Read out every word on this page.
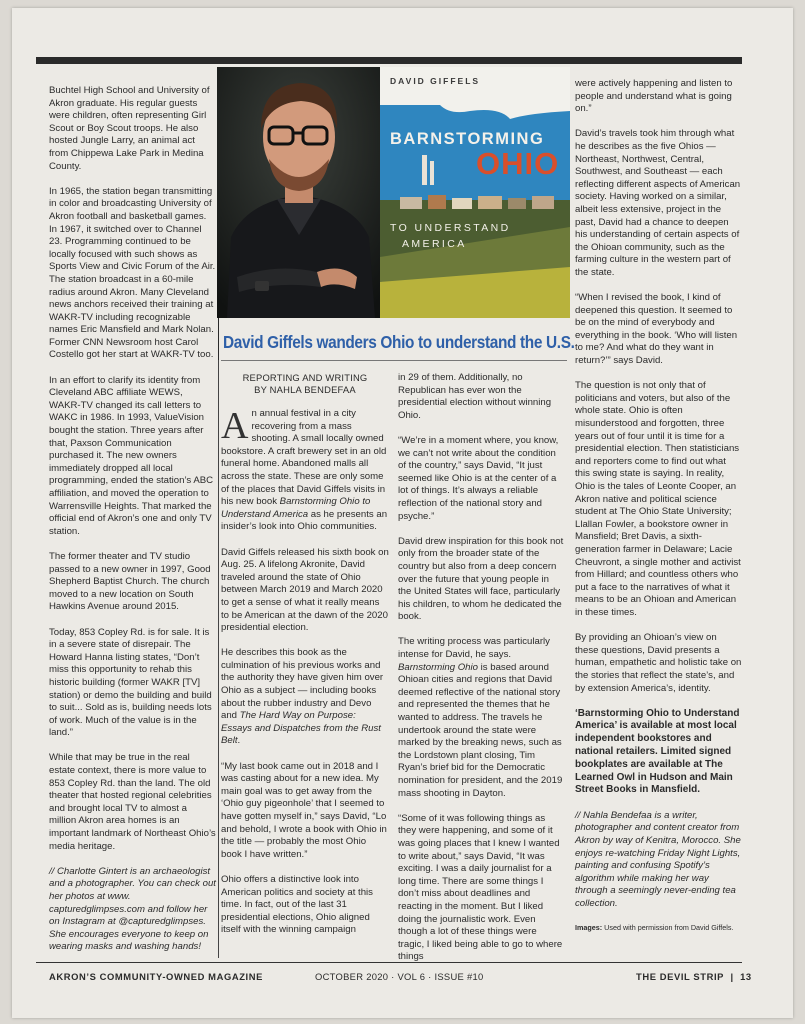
Buchtel High School and University of Akron graduate. His regular guests were children, often representing Girl Scout or Boy Scout troops. He also hosted Jungle Larry, an animal act from Chippewa Lake Park in Medina County.

In 1965, the station began transmitting in color and broadcasting University of Akron football and basketball games. In 1967, it switched over to Channel 23. Programming continued to be locally focused with such shows as Sports View and Civic Forum of the Air. The station broadcast in a 60-mile radius around Akron. Many Cleveland news anchors received their training at WAKR-TV including recognizable names Eric Mansfield and Mark Nolan. Former CNN Newsroom host Carol Costello got her start at WAKR-TV too.

In an effort to clarify its identity from Cleveland ABC affiliate WEWS, WAKR-TV changed its call letters to WAKC in 1986. In 1993, ValueVision bought the station. Three years after that, Paxson Communication purchased it. The new owners immediately dropped all local programming, ended the station’s ABC affiliation, and moved the operation to Warrensville Heights. That marked the official end of Akron’s one and only TV station.

The former theater and TV studio passed to a new owner in 1997, Good Shepherd Baptist Church. The church moved to a new location on South Hawkins Avenue around 2015.

Today, 853 Copley Rd. is for sale. It is in a severe state of disrepair. The Howard Hanna listing states, “Don’t miss this opportunity to rehab this historic building (former WAKR [TV] station) or demo the building and build to suit... Sold as is, building needs lots of work. Much of the value is in the land.”

While that may be true in the real estate context, there is more value to 853 Copley Rd. than the land. The old theater that hosted regional celebrities and brought local TV to almost a million Akron area homes is an important landmark of Northeast Ohio’s media heritage.

// Charlotte Gintert is an archaeologist and a photographer. You can check out her photos at www. capturedglimpses.com and follow her on Instagram at @capturedglimpses. She encourages everyone to keep on wearing masks and washing hands!

DAVID GIFFELS
BARNSTORMING
OHIO
TO UNDERSTAND
AMERICA
David Giffels wanders Ohio to understand the U.S.
REPORTING AND WRITING
BY NAHLA BENDEFAA

An annual festival in a city recovering from a mass shooting. A small locally owned bookstore. A craft brewery set in an old funeral home. Abandoned malls all across the state. These are only some of the places that David Giffels visits in his new book Barnstorming Ohio to Understand America as he presents an insider’s look into Ohio communities.

David Giffels released his sixth book on Aug. 25. A lifelong Akronite, David traveled around the state of Ohio between March 2019 and March 2020 to get a sense of what it really means to be American at the dawn of the 2020 presidential election.

He describes this book as the culmination of his previous works and the authority they have given him over Ohio as a subject — including books about the rubber industry and Devo and The Hard Way on Purpose: Essays and Dispatches from the Rust Belt.

“My last book came out in 2018 and I was casting about for a new idea. My main goal was to get away from the ‘Ohio guy pigeonhole’ that I seemed to have gotten myself in,” says David, “Lo and behold, I wrote a book with Ohio in the title — probably the most Ohio book I have written.”

Ohio offers a distinctive look into American politics and society at this time. In fact, out of the last 31 presidential elections, Ohio aligned itself with the winning campaign

in 29 of them. Additionally, no Republican has ever won the presidential election without winning Ohio.

“We’re in a moment where, you know, we can’t not write about the condition of the country,” says David, “It just seemed like Ohio is at the center of a lot of things. It’s always a reliable reflection of the national story and psyche.”

David drew inspiration for this book not only from the broader state of the country but also from a deep concern over the future that young people in the United States will face, particularly his children, to whom he dedicated the book.

The writing process was particularly intense for David, he says. Barnstorming Ohio is based around Ohioan cities and regions that David deemed reflective of the national story and represented the themes that he wanted to address. The travels he undertook around the state were marked by the breaking news, such as the Lordstown plant closing, Tim Ryan’s brief bid for the Democratic nomination for president, and the 2019 mass shooting in Dayton.

“Some of it was following things as they were happening, and some of it was going places that I knew I wanted to write about,” says David, “It was exciting. I was a daily journalist for a long time. There are some things I don’t miss about deadlines and reacting in the moment. But I liked doing the journalistic work. Even though a lot of these things were tragic, I liked being able to go to where things

were actively happening and listen to people and understand what is going on.”

David’s travels took him through what he describes as the five Ohios —Northeast, Northwest, Central, Southwest, and Southeast — each reflecting different aspects of American society. Having worked on a similar, albeit less extensive, project in the past, David had a chance to deepen his understanding of certain aspects of the Ohioan community, such as the farming culture in the western part of the state.

“When I revised the book, I kind of deepened this question. It seemed to be on the mind of everybody and everything in the book. ‘Who will listen to me? And what do they want in return?’” says David.

The question is not only that of politicians and voters, but also of the whole state. Ohio is often misunderstood and forgotten, three years out of four until it is time for a presidential election. Then statisticians and reporters come to find out what this swing state is saying. In reality, Ohio is the tales of Leonte Cooper, an Akron native and political science student at The Ohio State University; Llallan Fowler, a bookstore owner in Mansfield; Bret Davis, a sixth-generation farmer in Delaware; Lacie Cheuvront, a single mother and activist from Hillard; and countless others who put a face to the narratives of what it means to be an Ohioan and American in these times.

By providing an Ohioan’s view on these questions, David presents a human, empathetic and holistic take on the stories that reflect the state’s, and by extension America’s, identity.

‘Barnstorming Ohio to Understand America’ is available at most local independent bookstores and national retailers. Limited signed bookplates are available at The Learned Owl in Hudson and Main Street Books in Mansfield.

// Nahla Bendefaa is a writer, photographer and content creator from Akron by way of Kenitra, Morocco. She enjoys re-watching Friday Night Lights, painting and confusing Spotify’s algorithm while making her way through a seemingly never-ending tea collection.

Images: Used with permission from David Giffels.

AKRON’S COMMUNITY-OWNED MAGAZINE	OCTOBER 2020 · VOL 6 · ISSUE #10	THE DEVIL STRIP | 13
